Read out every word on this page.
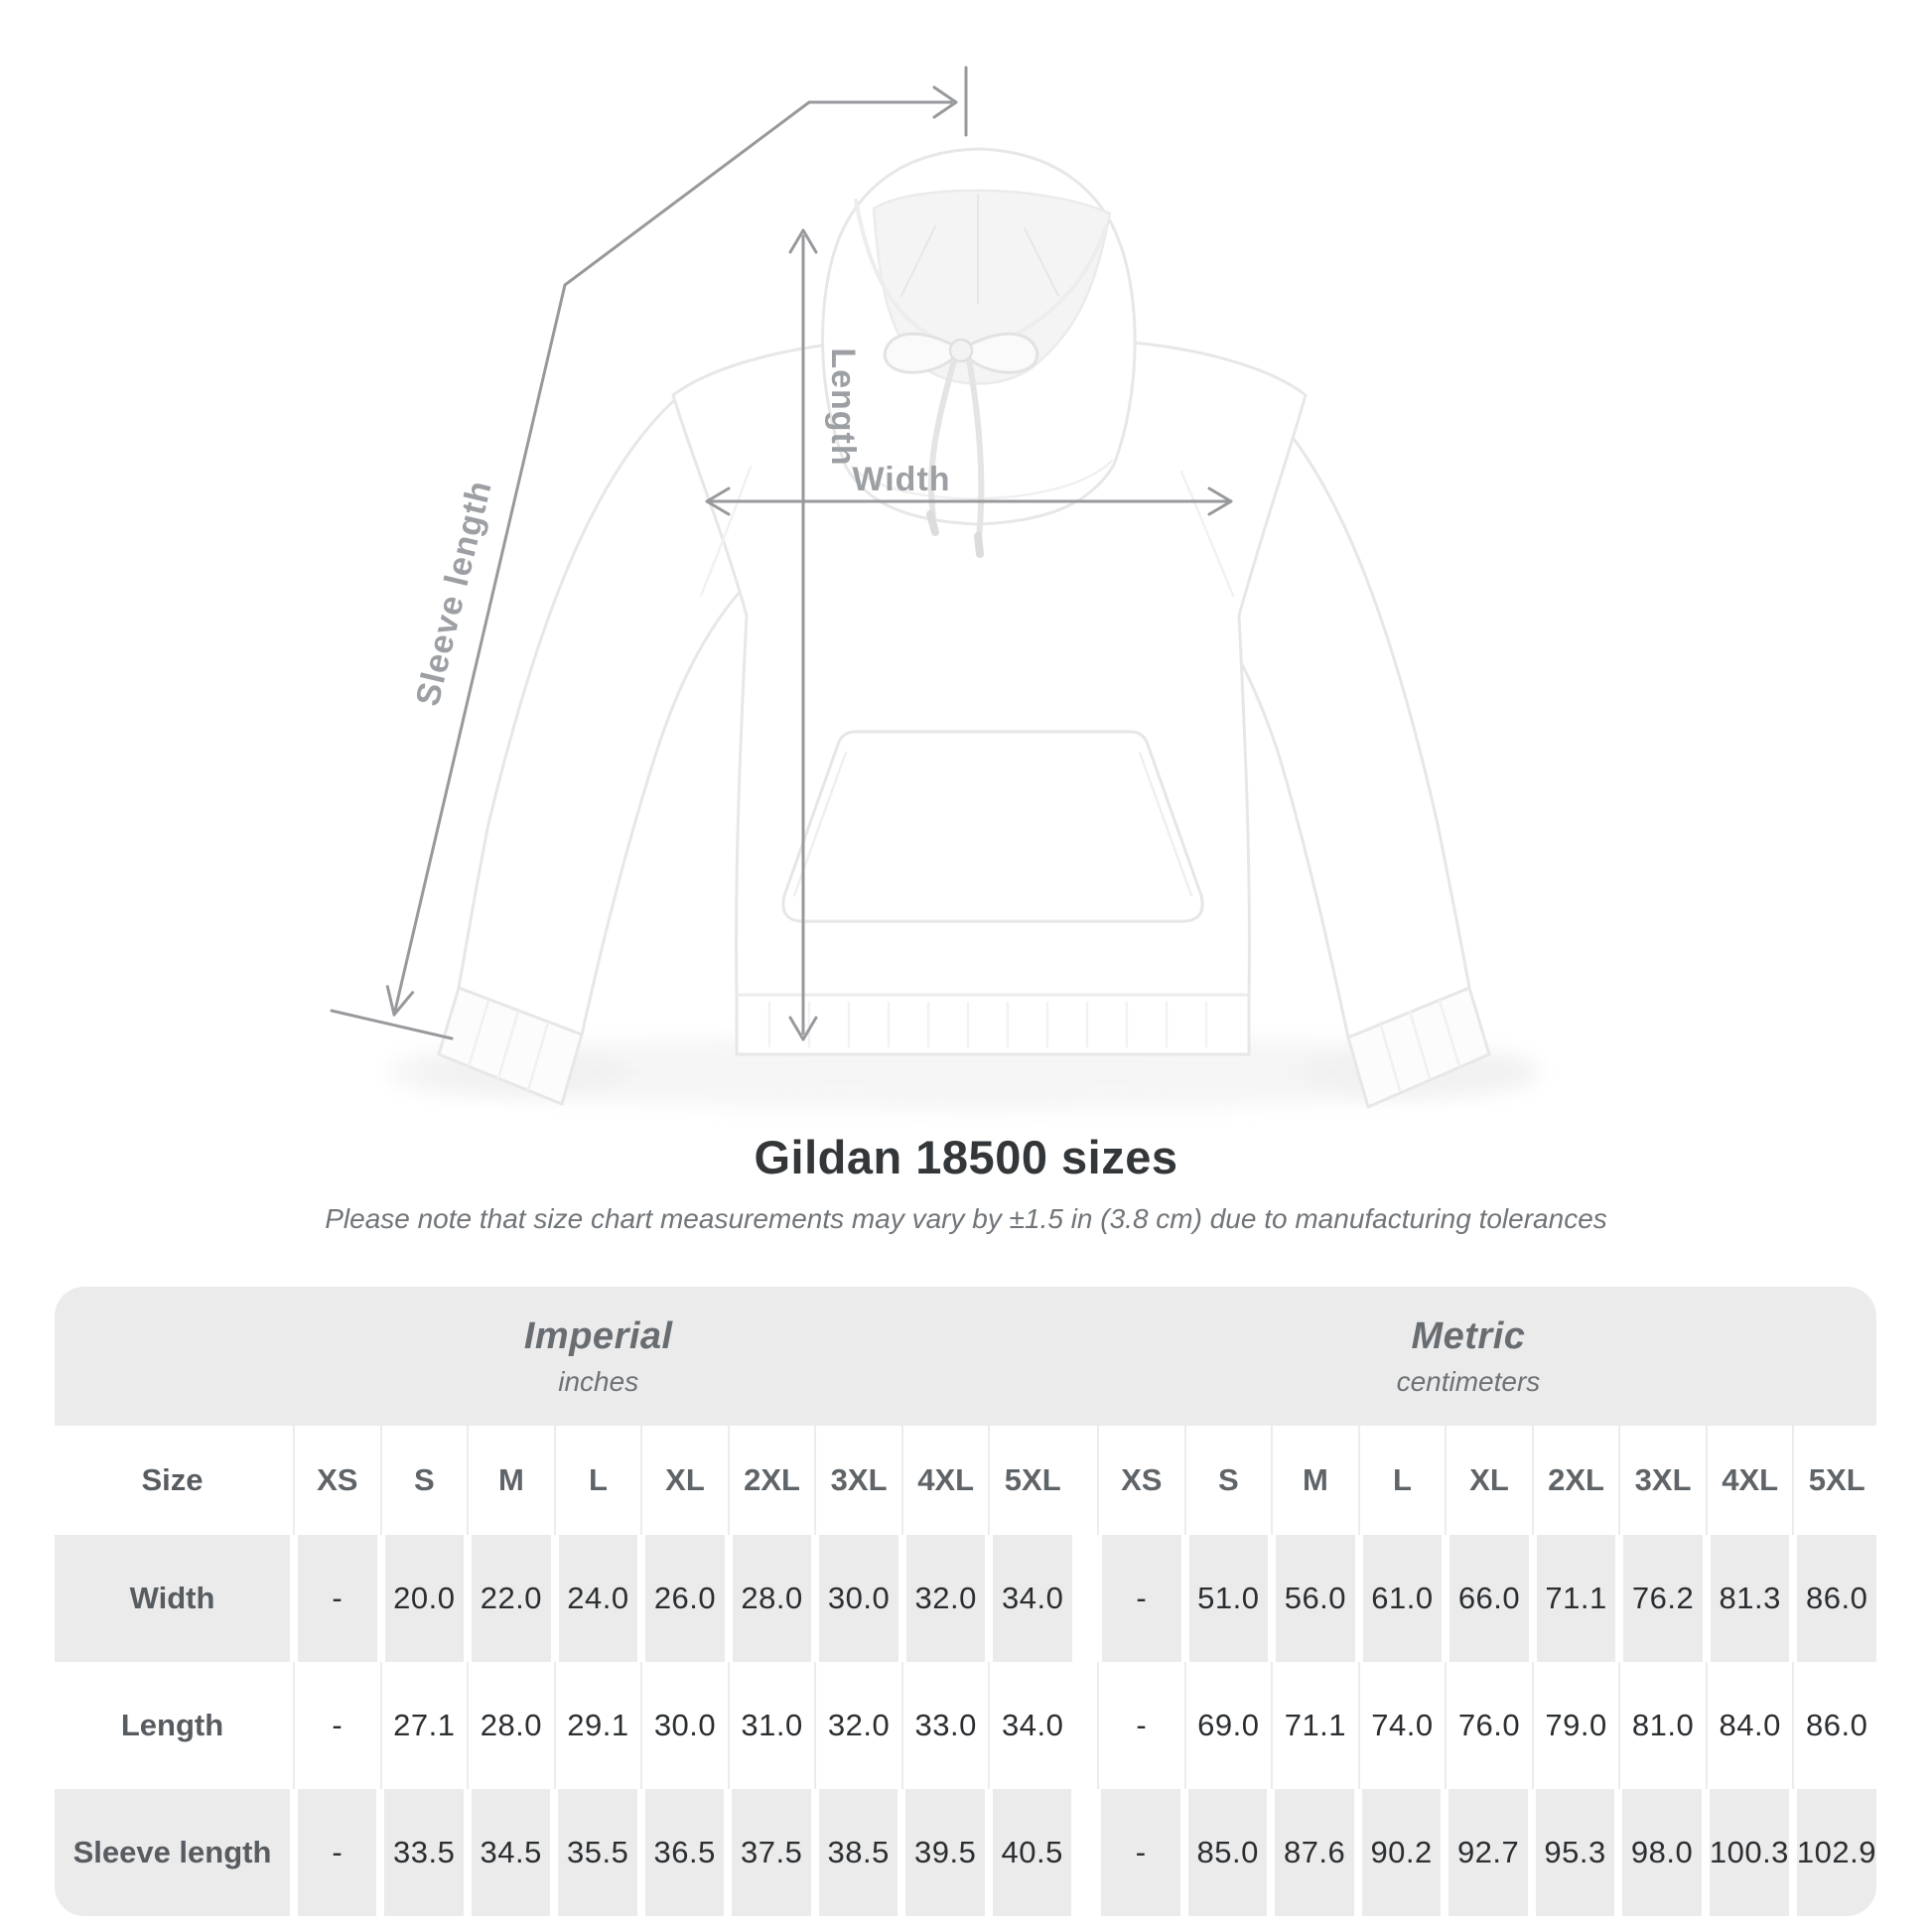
Length
Width
Sleeve length
Gildan 18500 sizes
Please note that size chart measurements may vary by ±1.5 in (3.8 cm) due to manufacturing tolerances
Imperial
inches
Metric
centimeters
Size	XS	S	M	L	XL	2XL 3XL 4XL 5XL	XS	S	M	L	XL	2XL 3XL 4XL 5XL
Width	-	20.0 22.0 24.0 26.0 28.0 30.0 32.0 34.0	-	51.0 56.0 61.0 66.0 71.1 76.2 81.3 86.0
Length	-	27.1 28.0 29.1 30.0 31.0 32.0 33.0 34.0	-	69.0 71.1 74.0 76.0 79.0 81.0 84.0 86.0
Sleeve length	-	33.5 34.5 35.5 36.5 37.5 38.5 39.5 40.5	-	85.0 87.6 90.2 92.7 95.3 98.0 100.3 102.9
